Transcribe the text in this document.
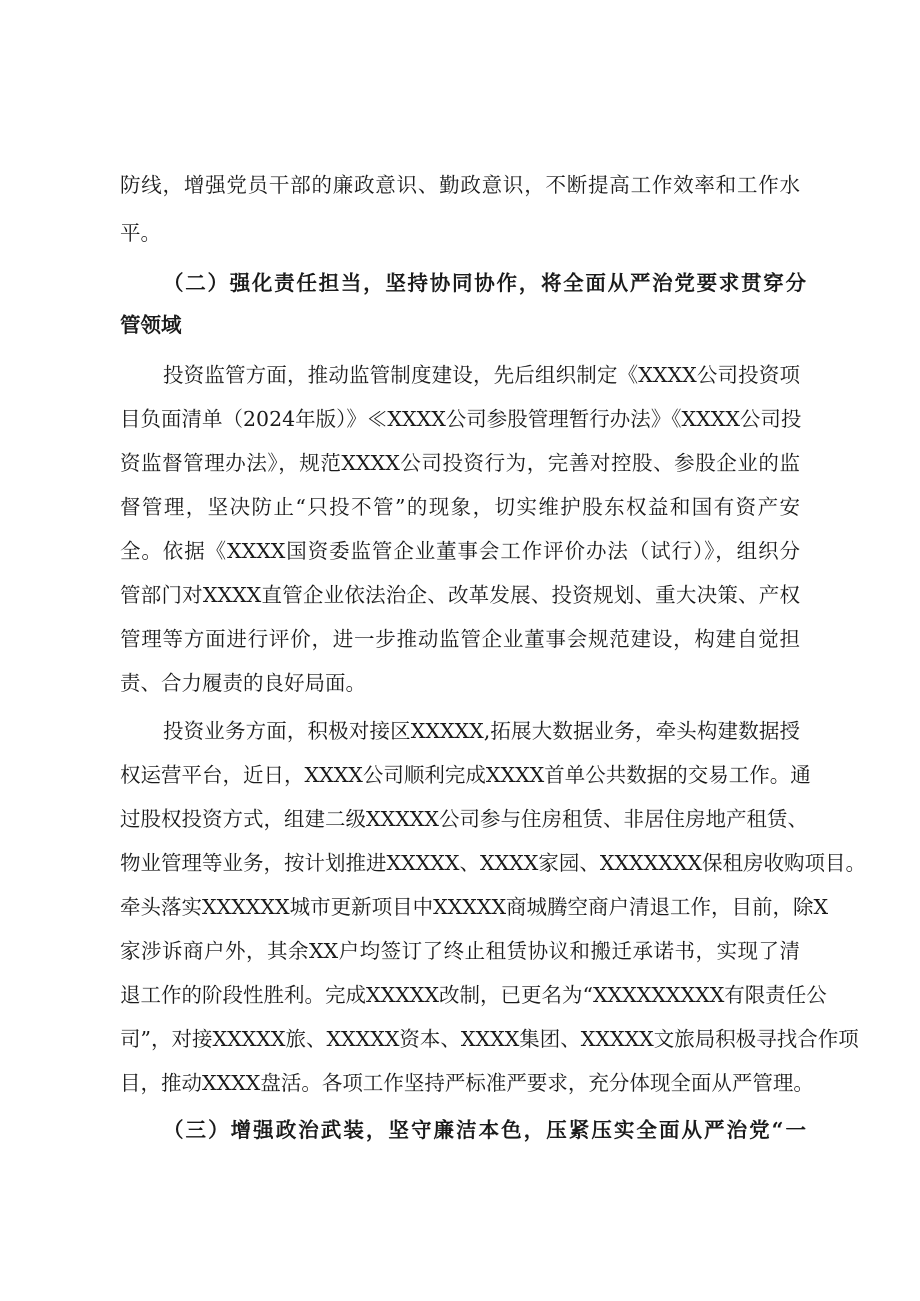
防线，增强党员干部的廉政意识、勤政意识，不断提高工作效率和工作水
平。
（二）强化责任担当，坚持协同协作，将全面从严治党要求贯穿分
管领域
投资监管方面，推动监管制度建设，先后组织制定《XXXX公司投资项
目负面清单（2024年版）》≪XXXX公司参股管理暂行办法》《XXXX公司投
资监督管理办法》，规范XXXX公司投资行为，完善对控股、参股企业的监
督管理，坚决防止“只投不管”的现象，切实维护股东权益和国有资产安
全。依据《XXXX国资委监管企业董事会工作评价办法（试行）》，组织分
管部门对XXXX直管企业依法治企、改革发展、投资规划、重大决策、产权
管理等方面进行评价，进一步推动监管企业董事会规范建设，构建自觉担
责、合力履责的良好局面。
投资业务方面，积极对接区XXXXX,拓展大数据业务，牵头构建数据授
权运营平台，近日，XXXX公司顺利完成XXXX首单公共数据的交易工作。通
过股权投资方式，组建二级XXXXX公司参与住房租赁、非居住房地产租赁、
物业管理等业务，按计划推进XXXXX、XXXX家园、XXXXXXX保租房收购项目。
牵头落实XXXXXX城市更新项目中XXXXX商城腾空商户清退工作，目前，除X
家涉诉商户外，其余XX户均签订了终止租赁协议和搬迁承诺书，实现了清
退工作的阶段性胜利。完成XXXXX改制，已更名为“XXXXXXXXX有限责任公
司”，对接XXXXX旅、XXXXX资本、XXXX集团、XXXXX文旅局积极寻找合作项
目，推动XXXX盘活。各项工作坚持严标准严要求，充分体现全面从严管理。
（三）增强政治武装，坚守廉洁本色，压紧压实全面从严治党“一
